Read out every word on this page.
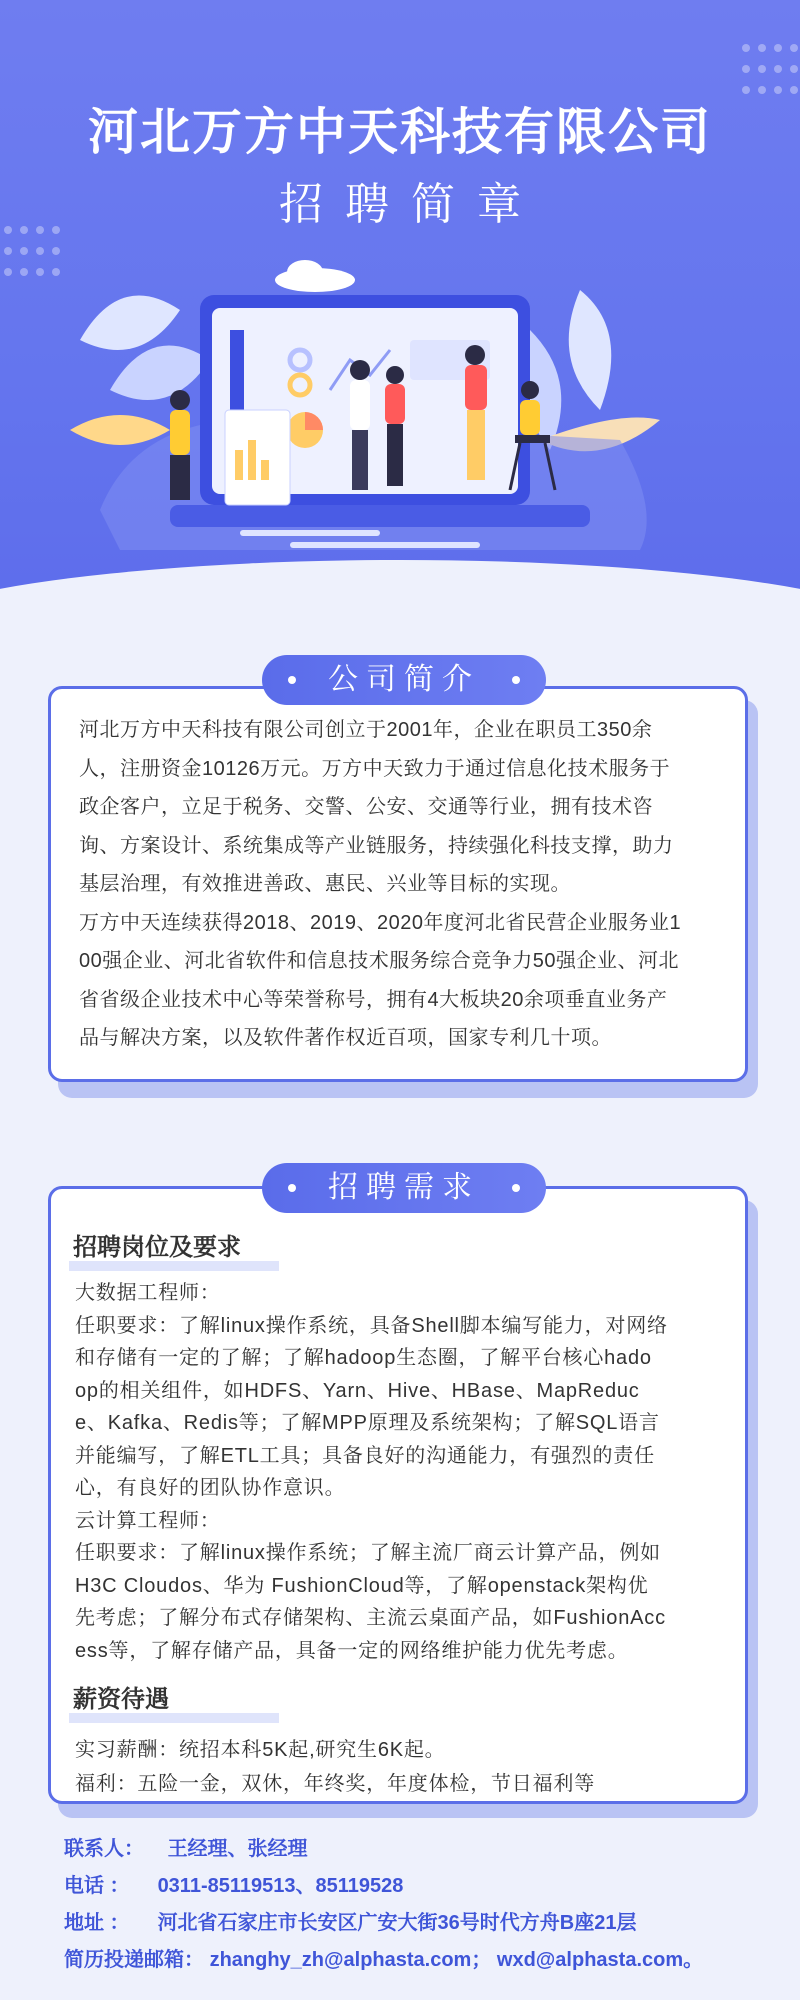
河北万方中天科技有限公司
招聘简章

河北万方中天科技有限公司创立于2001年，企业在职员工350余

人，注册资金10126万元。万方中天致力于通过信息化技术服务于

政企客户，立足于税务、交警、公安、交通等行业，拥有技术咨

询、方案设计、系统集成等产业链服务，持续强化科技支撑，助力

基层治理，有效推进善政、惠民、兴业等目标的实现。

万方中天连续获得2018、2019、2020年度河北省民营企业服务业1

00强企业、河北省软件和信息技术服务综合竞争力50强企业、河北

省省级企业技术中心等荣誉称号，拥有4大板块20余项垂直业务产

品与解决方案，以及软件著作权近百项，国家专利几十项。

公司简介
招聘岗位及要求

大数据工程师：

任职要求：了解linux操作系统，具备Shell脚本编写能力，对网络

和存储有一定的了解；了解hadoop生态圈，了解平台核心hado

op的相关组件，如HDFS、Yarn、Hive、HBase、MapReduc

e、Kafka、Redis等；了解MPP原理及系统架构；了解SQL语言

并能编写，了解ETL工具；具备良好的沟通能力，有强烈的责任

心，有良好的团队协作意识。

云计算工程师：

任职要求：了解linux操作系统；了解主流厂商云计算产品，例如

H3C Cloudos、华为 FushionCloud等，了解openstack架构优

先考虑；了解分布式存储架构、主流云桌面产品，如FushionAcc

ess等，了解存储产品，具备一定的网络维护能力优先考虑。

薪资待遇

实习薪酬：统招本科5K起,研究生6K起。

福利：五险一金，双休，年终奖，年度体检，节日福利等

招聘需求
联系人： 王经理、张经理
电话 ： 0311-85119513、85119528
地址 ： 河北省石家庄市长安区广安大街36号时代方舟B座21层
简历投递邮箱： zhanghy_zh@alphasta.com； wxd@alphasta.com。
